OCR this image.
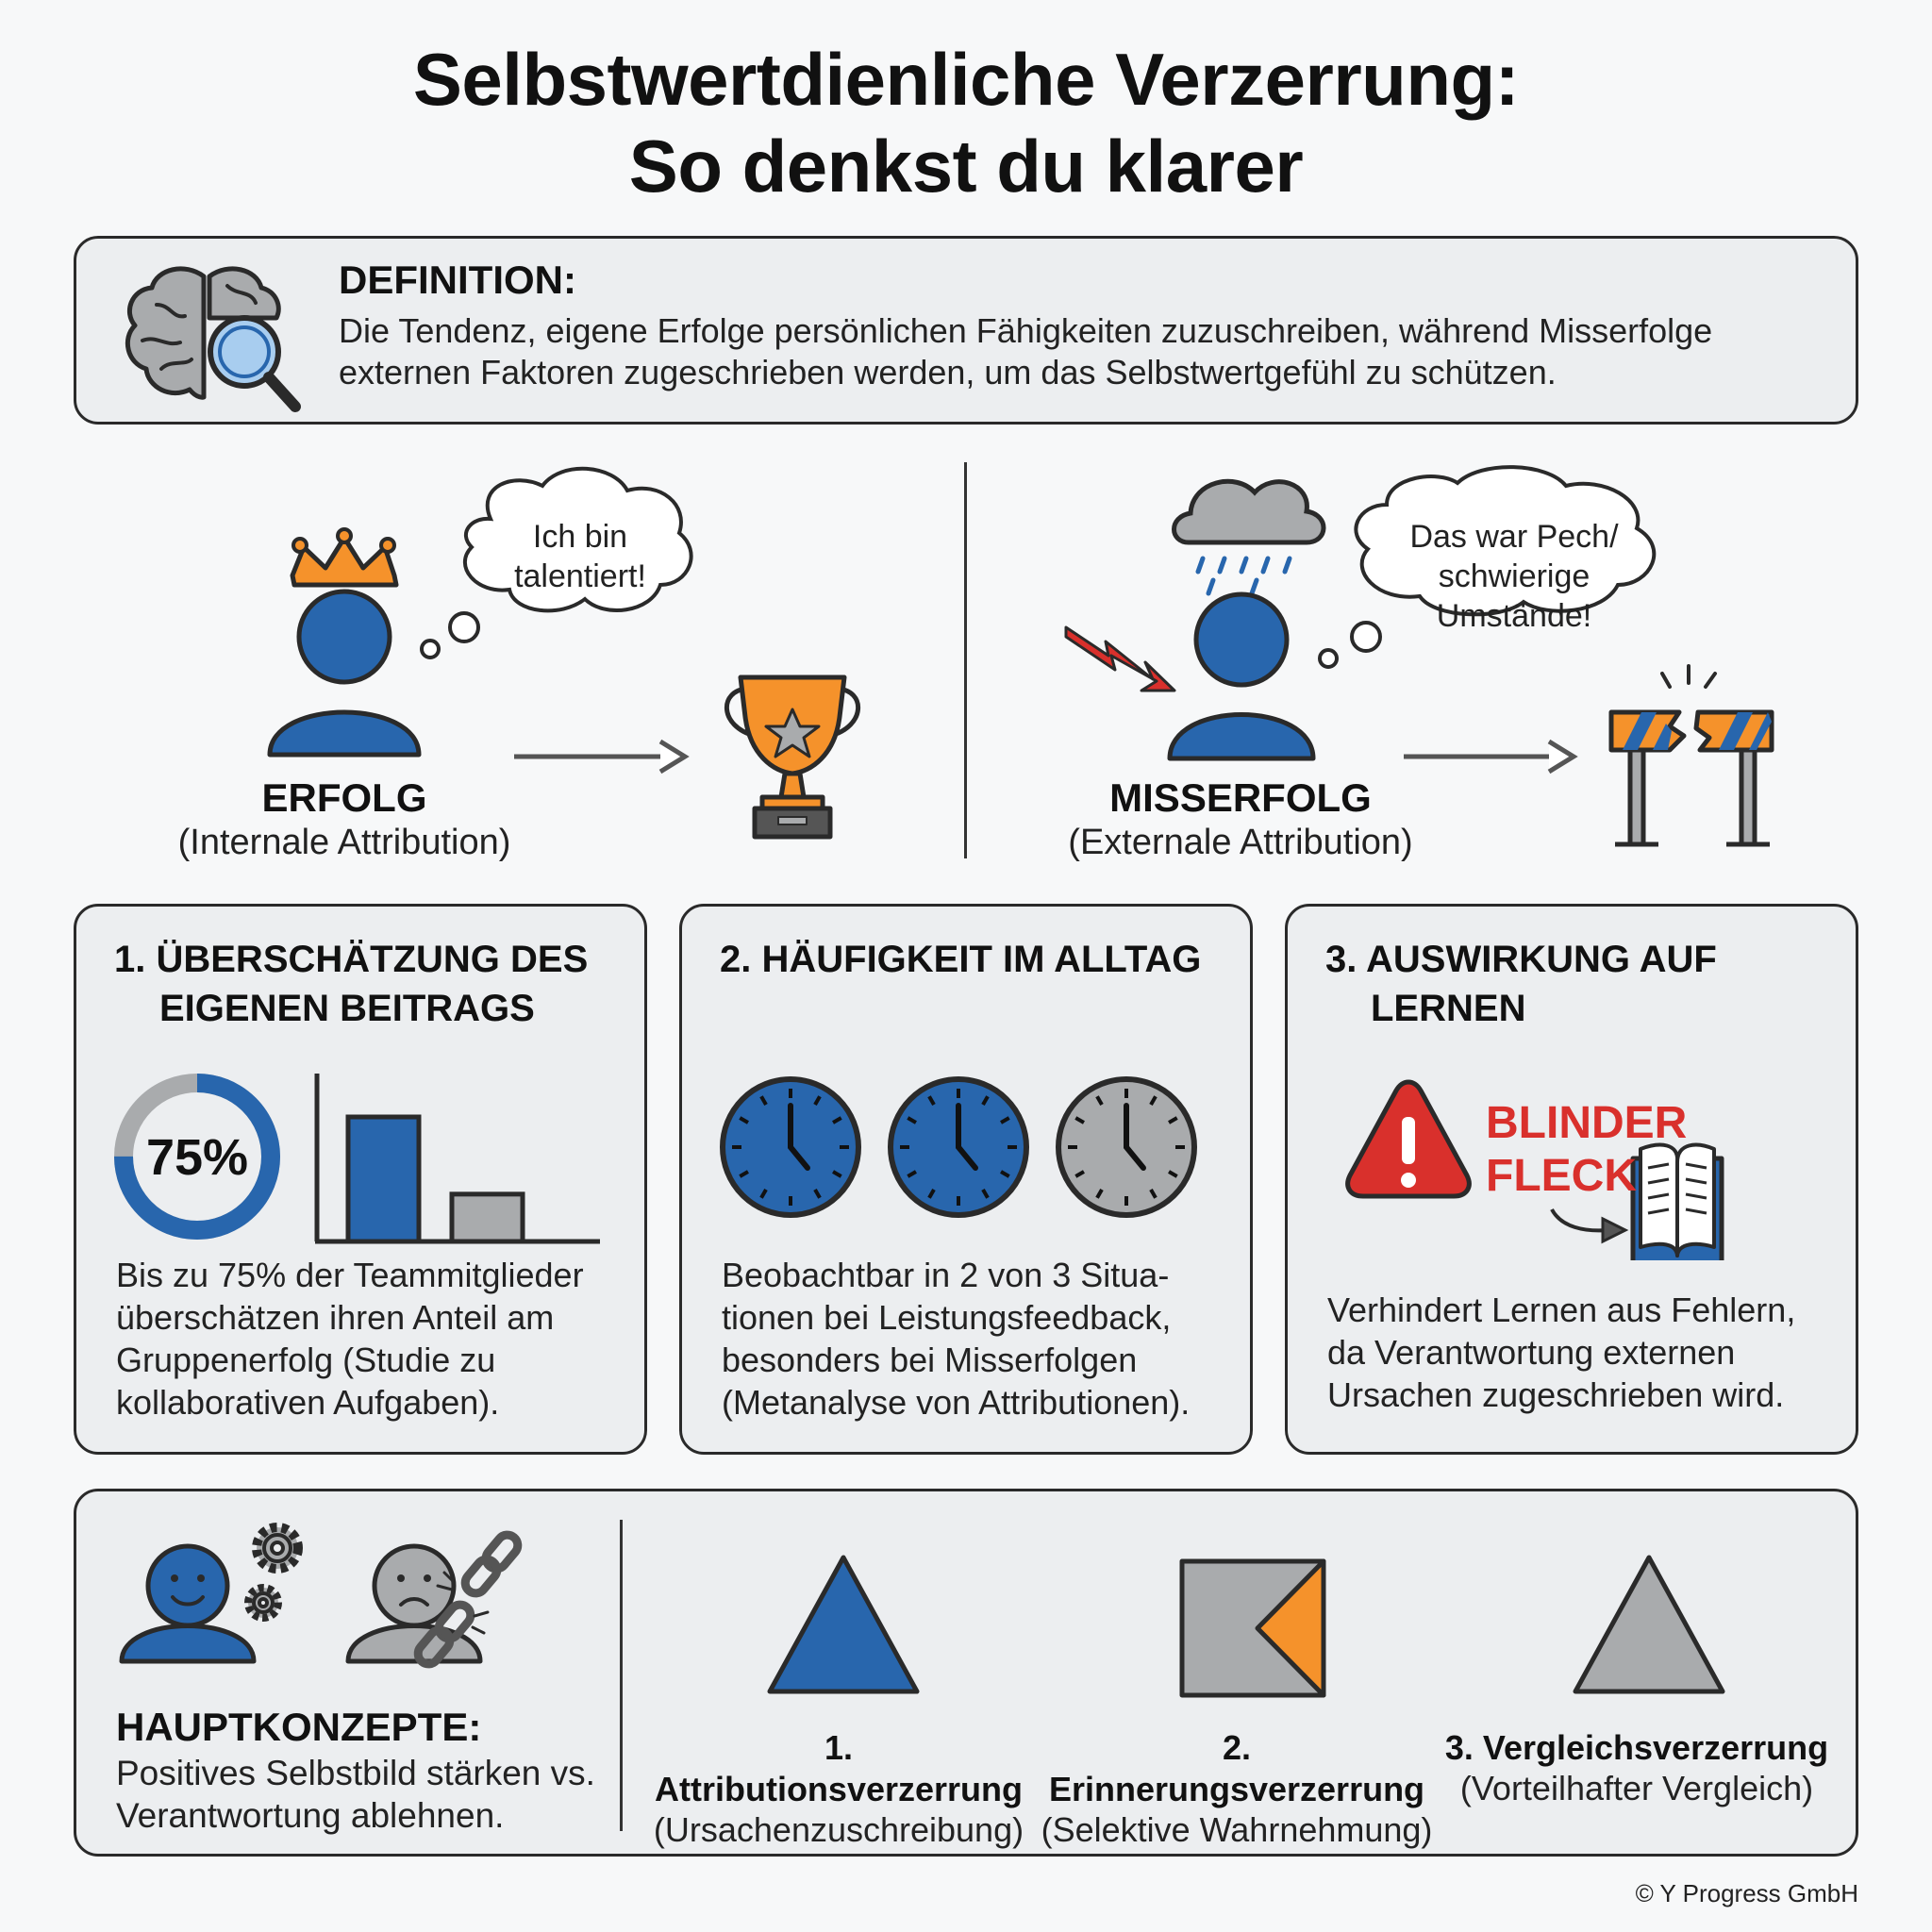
Selbstwertdienliche Verzerrung:
So denkst du klarer
DEFINITION:
Die Tendenz, eigene Erfolge persönlichen Fähigkeiten zuzuschreiben, während Misserfolge externen Faktoren zugeschrieben werden, um das Selbstwertgefühl zu schützen.
Ich bin
talentiert!
Das war Pech/
schwierige Umstände!
ERFOLG
(Internale Attribution)
MISSERFOLG
(Externale Attribution)
1. ÜBERSCHÄTZUNG DES
EIGENEN BEITRAGS
75%
Bis zu 75% der Teammitglieder überschätzen ihren Anteil am Gruppenerfolg (Studie zu kollaborativen Aufgaben).
2. HÄUFIGKEIT IM ALLTAG
Beobachtbar in 2 von 3 Situa-tionen bei Leistungsfeedback, besonders bei Misserfolgen (Metanalyse von Attributionen).
3. AUSWIRKUNG AUF
LERNEN
BLINDER
FLECK
Verhindert Lernen aus Fehlern, da Verantwortung externen Ursachen zugeschrieben wird.
HAUPTKONZEPTE:
Positives Selbstbild stärken vs. Verantwortung ablehnen.
1. Attributionsverzerrung
(Ursachenzuschreibung)
2. Erinnerungsverzerrung
(Selektive Wahrnehmung)
3. Vergleichsverzerrung
(Vorteilhafter Vergleich)
© Y Progress GmbH
